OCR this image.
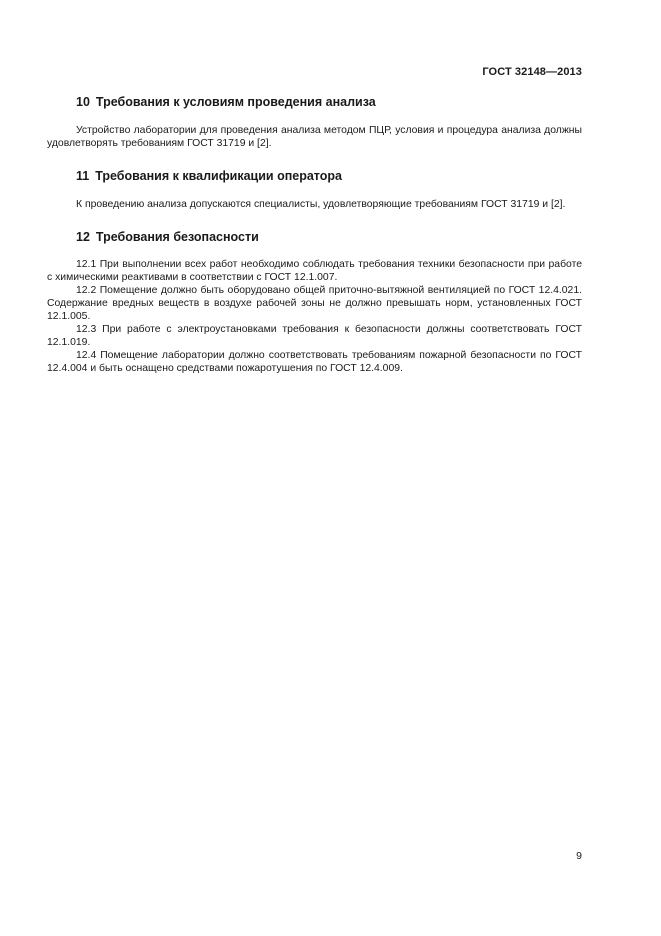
ГОСТ 32148—2013
10 Требования к условиям проведения анализа

Устройство лаборатории для проведения анализа методом ПЦР, условия и процедура анализа должны удовлетворять требованиям ГОСТ 31719 и [2].

11 Требования к квалификации оператора

К проведению анализа допускаются специалисты, удовлетворяющие требованиям ГОСТ 31719 и [2].

12 Требования безопасности

12.1 При выполнении всех работ необходимо соблюдать требования техники безопасности при работе с химическими реактивами в соответствии с ГОСТ 12.1.007.

12.2 Помещение должно быть оборудовано общей приточно-вытяжной вентиляцией по ГОСТ 12.4.021. Содержание вредных веществ в воздухе рабочей зоны не должно превышать норм, установленных ГОСТ 12.1.005.

12.3 При работе с электроустановками требования к безопасности должны соответствовать ГОСТ 12.1.019.

12.4 Помещение лаборатории должно соответствовать требованиям пожарной безопасности по ГОСТ 12.4.004 и быть оснащено средствами пожаротушения по ГОСТ 12.4.009.

9
